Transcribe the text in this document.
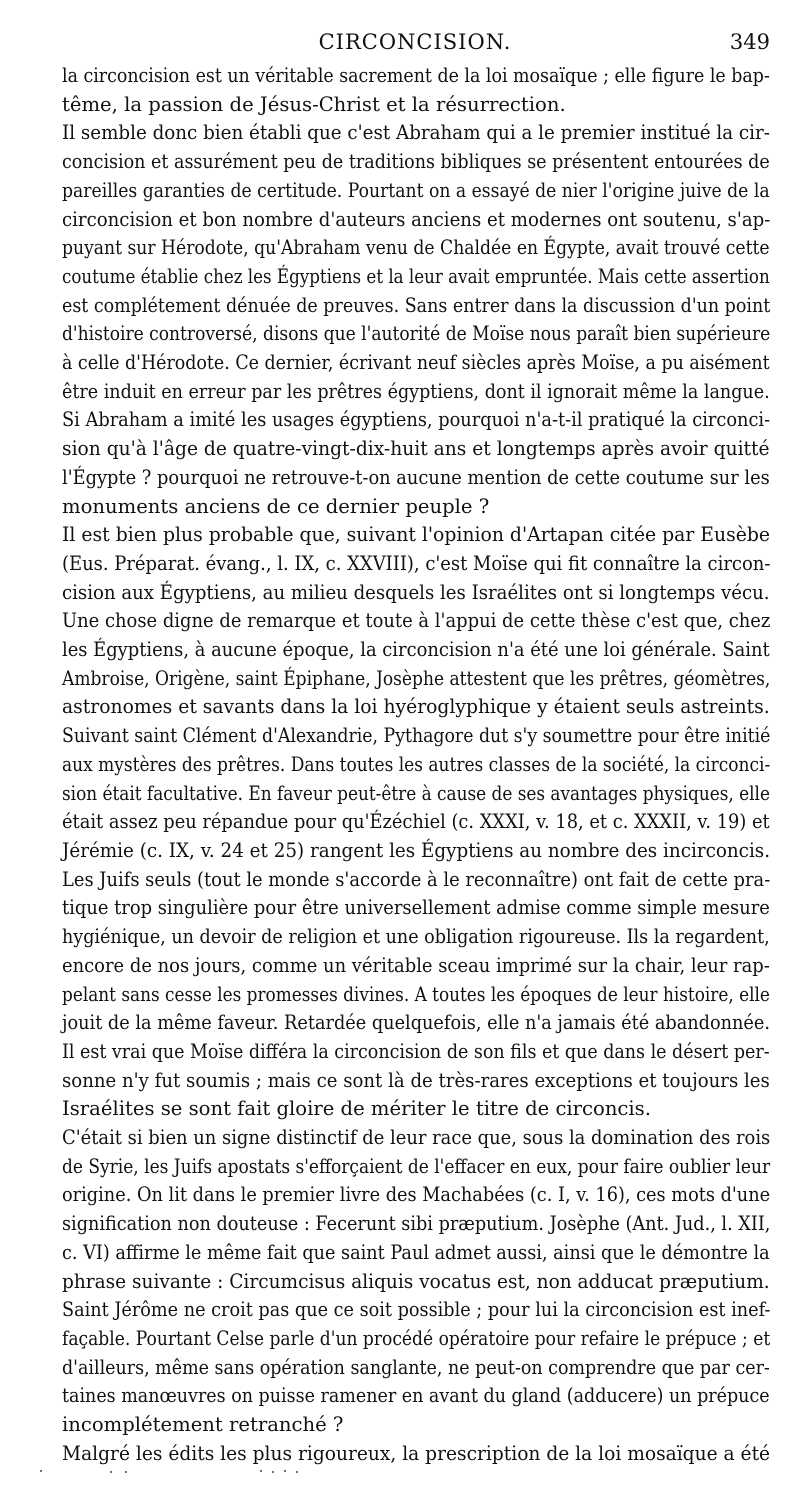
CIRCONCISION.	349

la circoncision est un véritable sacrement de la loi mosaïque ; elle figure le bap-
tême, la passion de Jésus-Christ et la résurrection.

Il semble donc bien établi que c'est Abraham qui a le premier institué la cir-
concision et assurément peu de traditions bibliques se présentent entourées de
pareilles garanties de certitude. Pourtant on a essayé de nier l'origine juive de la
circoncision et bon nombre d'auteurs anciens et modernes ont soutenu, s'ap-
puyant sur Hérodote, qu'Abraham venu de Chaldée en Égypte, avait trouvé cette
coutume établie chez les Égyptiens et la leur avait empruntée. Mais cette assertion
est complétement dénuée de preuves. Sans entrer dans la discussion d'un point
d'histoire controversé, disons que l'autorité de Moïse nous paraît bien supérieure
à celle d'Hérodote. Ce dernier, écrivant neuf siècles après Moïse, a pu aisément
être induit en erreur par les prêtres égyptiens, dont il ignorait même la langue.
Si Abraham a imité les usages égyptiens, pourquoi n'a-t-il pratiqué la circonci-
sion qu'à l'âge de quatre-vingt-dix-huit ans et longtemps après avoir quitté
l'Égypte ? pourquoi ne retrouve-t-on aucune mention de cette coutume sur les
monuments anciens de ce dernier peuple ?

Il est bien plus probable que, suivant l'opinion d'Artapan citée par Eusèbe
(Eus. Préparat. évang., l. IX, c. XXVIII), c'est Moïse qui fit connaître la circon-
cision aux Égyptiens, au milieu desquels les Israélites ont si longtemps vécu.
Une chose digne de remarque et toute à l'appui de cette thèse c'est que, chez
les Égyptiens, à aucune époque, la circoncision n'a été une loi générale. Saint
Ambroise, Origène, saint Épiphane, Josèphe attestent que les prêtres, géomètres,
astronomes et savants dans la loi hyéroglyphique y étaient seuls astreints.
Suivant saint Clément d'Alexandrie, Pythagore dut s'y soumettre pour être initié
aux mystères des prêtres. Dans toutes les autres classes de la société, la circonci-
sion était facultative. En faveur peut-être à cause de ses avantages physiques, elle
était assez peu répandue pour qu'Ézéchiel (c. XXXI, v. 18, et c. XXXII, v. 19) et
Jérémie (c. IX, v. 24 et 25) rangent les Égyptiens au nombre des incirconcis.

Les Juifs seuls (tout le monde s'accorde à le reconnaître) ont fait de cette pra-
tique trop singulière pour être universellement admise comme simple mesure
hygiénique, un devoir de religion et une obligation rigoureuse. Ils la regardent,
encore de nos jours, comme un véritable sceau imprimé sur la chair, leur rap-
pelant sans cesse les promesses divines. A toutes les époques de leur histoire, elle
jouit de la même faveur. Retardée quelquefois, elle n'a jamais été abandonnée.
Il est vrai que Moïse différa la circoncision de son fils et que dans le désert per-
sonne n'y fut soumis ; mais ce sont là de très-rares exceptions et toujours les
Israélites se sont fait gloire de mériter le titre de circoncis.

C'était si bien un signe distinctif de leur race que, sous la domination des rois
de Syrie, les Juifs apostats s'efforçaient de l'effacer en eux, pour faire oublier leur
origine. On lit dans le premier livre des Machabées (c. I, v. 16), ces mots d'une
signification non douteuse : Fecerunt sibi præputium. Josèphe (Ant. Jud., l. XII,
c. VI) affirme le même fait que saint Paul admet aussi, ainsi que le démontre la
phrase suivante : Circumcisus aliquis vocatus est, non adducat præputium.
Saint Jérôme ne croit pas que ce soit possible ; pour lui la circoncision est inef-
façable. Pourtant Celse parle d'un procédé opératoire pour refaire le prépuce ; et
d'ailleurs, même sans opération sanglante, ne peut-on comprendre que par cer-
taines manœuvres on puisse ramener en avant du gland (adducere) un prépuce
incomplétement retranché ?

Malgré les édits les plus rigoureux, la prescription de la loi mosaïque a été
